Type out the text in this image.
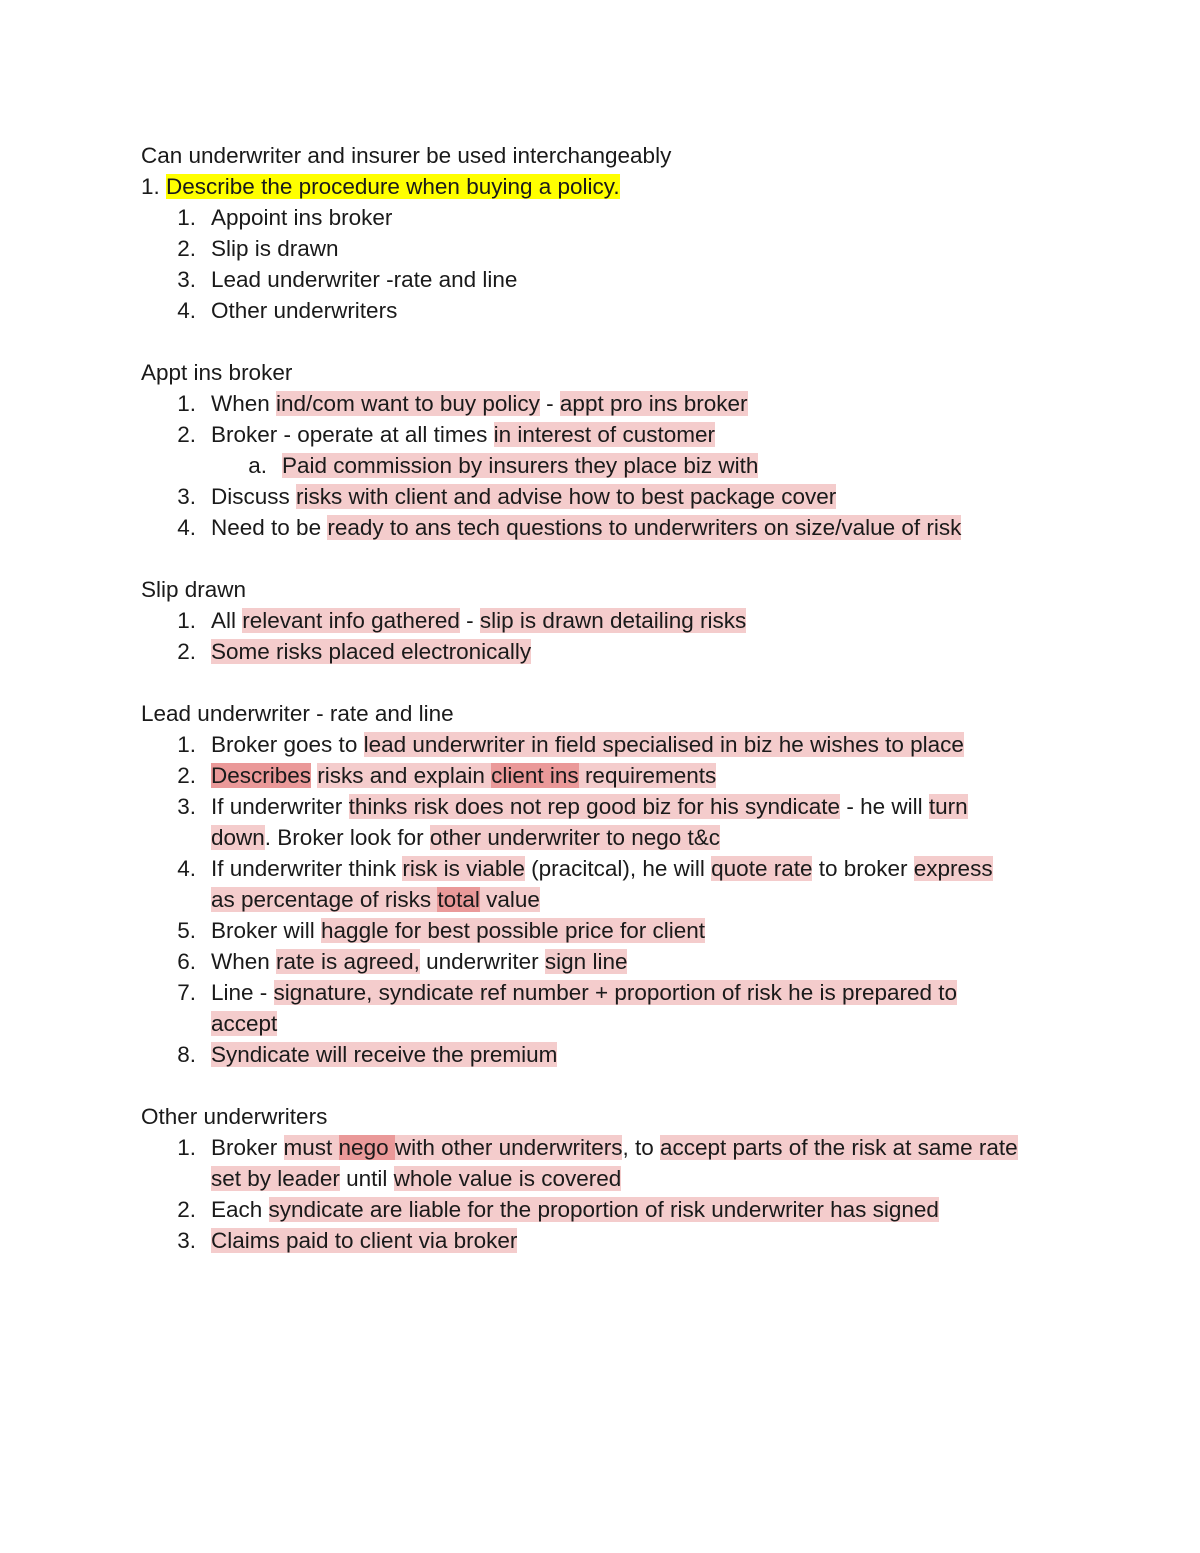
Can underwriter and insurer be used interchangeably
1. Describe the procedure when buying a policy.
1. Appoint ins broker
2. Slip is drawn
3. Lead underwriter -rate and line
4. Other underwriters
Appt ins broker
1. When ind/com want to buy policy - appt pro ins broker
2. Broker - operate at all times in interest of customer
a. Paid commission by insurers they place biz with
3. Discuss risks with client and advise how to best package cover
4. Need to be ready to ans tech questions to underwriters on size/value of risk
Slip drawn
1. All relevant info gathered - slip is drawn detailing risks
2. Some risks placed electronically
Lead underwriter - rate and line
1. Broker goes to lead underwriter in field specialised in biz he wishes to place
2. Describes risks and explain client ins requirements
3. If underwriter thinks risk does not rep good biz for his syndicate - he will turn
down. Broker look for other underwriter to nego t&c
4. If underwriter think risk is viable (pracitcal), he will quote rate to broker express
as percentage of risks total value
5. Broker will haggle for best possible price for client
6. When rate is agreed, underwriter sign line
7. Line - signature, syndicate ref number + proportion of risk he is prepared to
accept
8. Syndicate will receive the premium
Other underwriters
1. Broker must nego with other underwriters, to accept parts of the risk at same rate
set by leader until whole value is covered
2. Each syndicate are liable for the proportion of risk underwriter has signed
3. Claims paid to client via broker
